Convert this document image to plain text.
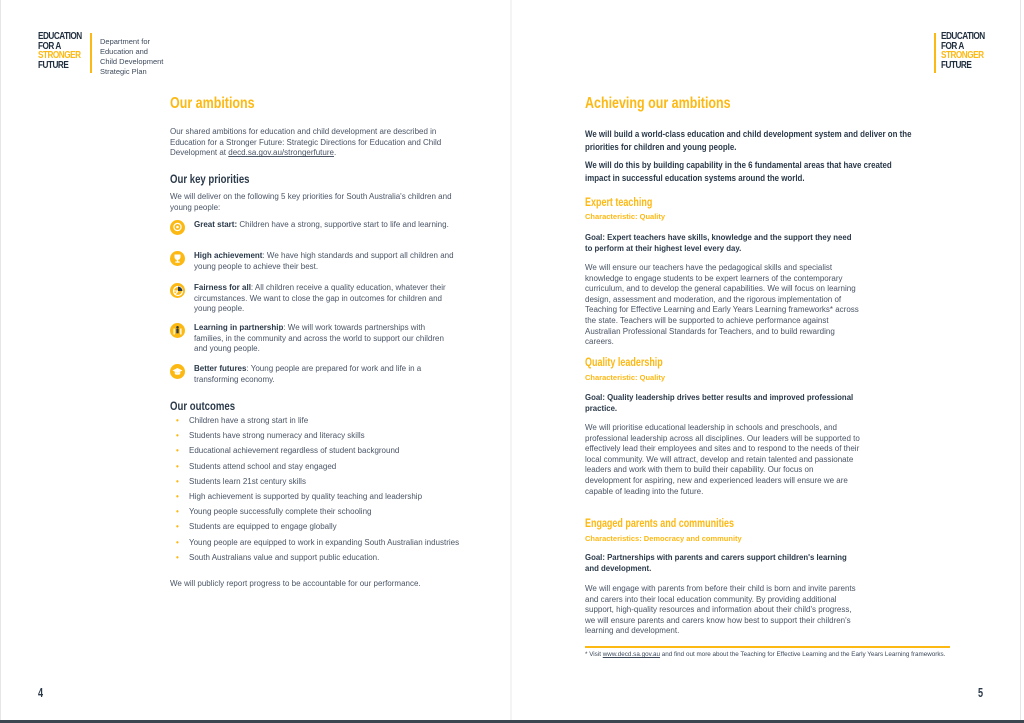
EDUCATION
FOR A
STRONGER
FUTURE
Department for
Education and
Child Development
Strategic Plan
EDUCATION
FOR A
STRONGER
FUTURE
Our ambitions
Our shared ambitions for education and child development are described in Education for a Stronger Future: Strategic Directions for Education and Child Development at decd.sa.gov.au/strongerfuture.
Our key priorities
We will deliver on the following 5 key priorities for South Australia's children and young people:
Great start: Children have a strong, supportive start to life and learning.
High achievement: We have high standards and support all children and young people to achieve their best.
Fairness for all: All children receive a quality education, whatever their circumstances. We want to close the gap in outcomes for children and young people.
Learning in partnership: We will work towards partnerships with families, in the community and across the world to support our children and young people.
Better futures: Young people are prepared for work and life in a transforming economy.
Our outcomes
• Children have a strong start in life
• Students have strong numeracy and literacy skills
• Educational achievement regardless of student background
• Students attend school and stay engaged
• Students learn 21st century skills
• High achievement is supported by quality teaching and leadership
• Young people successfully complete their schooling
• Students are equipped to engage globally
• Young people are equipped to work in expanding South Australian industries
• South Australians value and support public education.
We will publicly report progress to be accountable for our performance.
4
Achieving our ambitions
We will build a world-class education and child development system and deliver on the priorities for children and young people.
We will do this by building capability in the 6 fundamental areas that have created impact in successful education systems around the world.
Expert teaching
Characteristic: Quality
Goal: Expert teachers have skills, knowledge and the support they need to perform at their highest level every day.
We will ensure our teachers have the pedagogical skills and specialist knowledge to engage students to be expert learners of the contemporary curriculum, and to develop the general capabilities. We will focus on learning design, assessment and moderation, and the rigorous implementation of Teaching for Effective Learning and Early Years Learning frameworks* across the state. Teachers will be supported to achieve performance against Australian Professional Standards for Teachers, and to build rewarding careers.
Quality leadership
Characteristic: Quality
Goal: Quality leadership drives better results and improved professional practice.
We will prioritise educational leadership in schools and preschools, and professional leadership across all disciplines. Our leaders will be supported to effectively lead their employees and sites and to respond to the needs of their local community. We will attract, develop and retain talented and passionate leaders and work with them to build their capability. Our focus on development for aspiring, new and experienced leaders will ensure we are capable of leading into the future.
Engaged parents and communities
Characteristics: Democracy and community
Goal: Partnerships with parents and carers support children's learning and development.
We will engage with parents from before their child is born and invite parents and carers into their local education community. By providing additional support, high-quality resources and information about their child's progress, we will ensure parents and carers know how best to support their children's learning and development.
* Visit www.decd.sa.gov.au and find out more about the Teaching for Effective Learning and the Early Years Learning frameworks.
5
